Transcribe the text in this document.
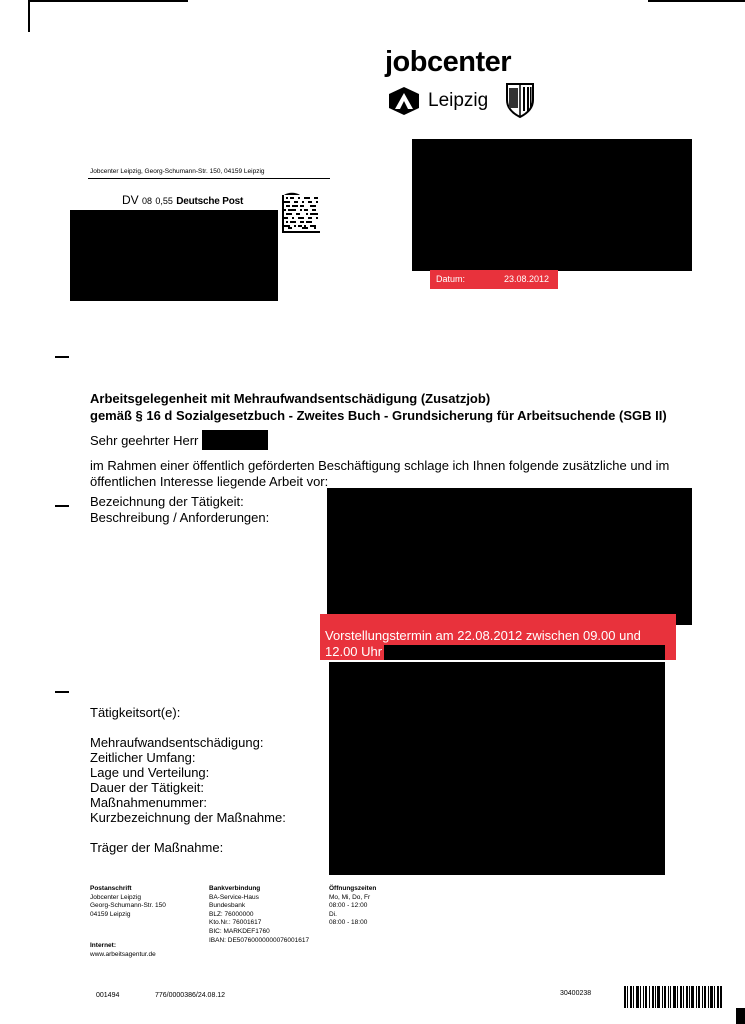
jobcenter
Leipzig
Jobcenter Leipzig, Georg-Schumann-Str. 150, 04159 Leipzig
DV 08 0,55 Deutsche Post
Datum:	23.08.2012
Arbeitsgelegenheit mit Mehraufwandsentschädigung (Zusatzjob)
gemäß § 16 d Sozialgesetzbuch - Zweites Buch - Grundsicherung für Arbeitsuchende (SGB II)
Sehr geehrter Herr
im Rahmen einer öffentlich geförderten Beschäftigung schlage ich Ihnen folgende zusätzliche und im öffentlichen Interesse liegende Arbeit vor:
Bezeichnung der Tätigkeit:
Beschreibung / Anforderungen:
Vorstellungstermin am 22.08.2012 zwischen 09.00 und 12.00 Uhr
Tätigkeitsort(e):
Mehraufwandsentschädigung:
Zeitlicher Umfang:
Lage und Verteilung:
Dauer der Tätigkeit:
Maßnahmenummer:
Kurzbezeichnung der Maßnahme:
Träger der Maßnahme:
Postanschrift
Jobcenter Leipzig
Georg-Schumann-Str. 150
04159 Leipzig
Internet:
www.arbeitsagentur.de
Bankverbindung
BA-Service-Haus
Bundesbank
BLZ: 76000000
Kto.Nr.: 76001617
BIC: MARKDEF1760
IBAN: DE50760000000076001617
Öffnungszeiten
Mo, Mi, Do, Fr
08:00 - 12:00
Di.
08:00 - 18:00
001494	776/0000386/24.08.12	30400238
